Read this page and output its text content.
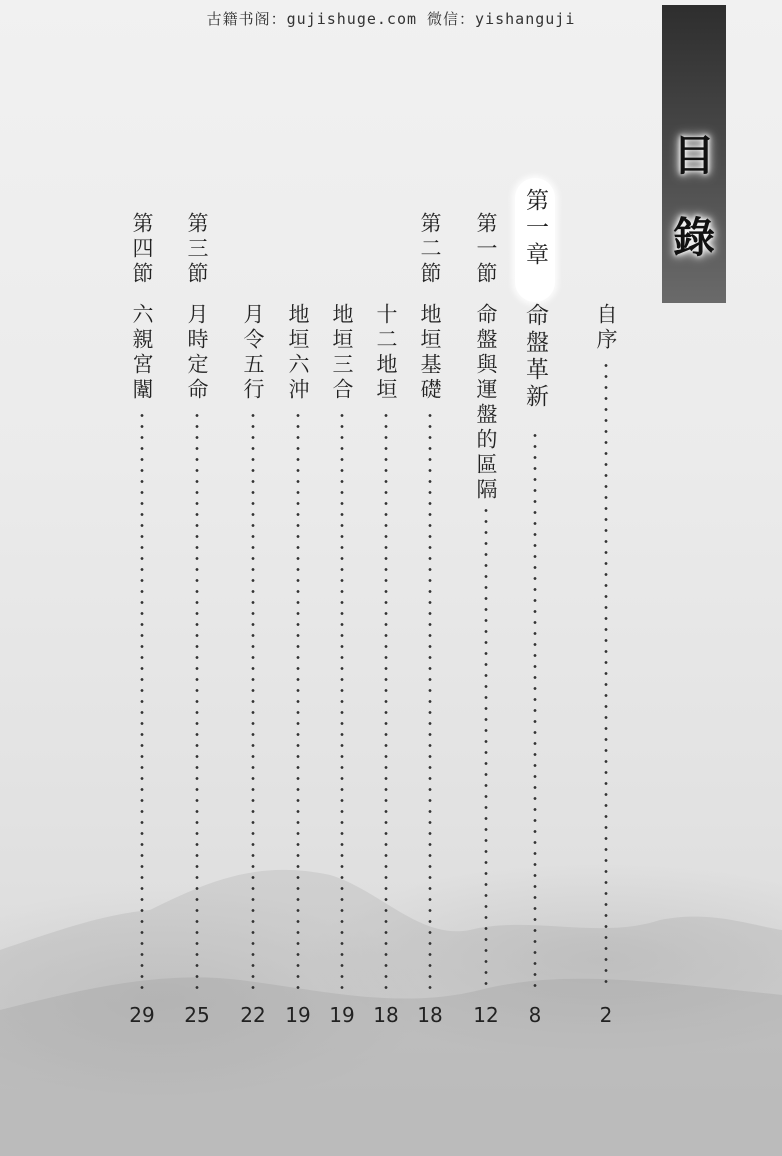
古籍书阁：gujishuge.com 微信：yishanguji
目
錄
自序
2
第一章
命盤革新
8
第一節
命盤與運盤的區隔
12
第二節
地垣基礎
18
十二地垣
18
地垣三合
19
地垣六沖
19
月令五行
22
第三節
月時定命
25
第四節
六親宮闈
29
